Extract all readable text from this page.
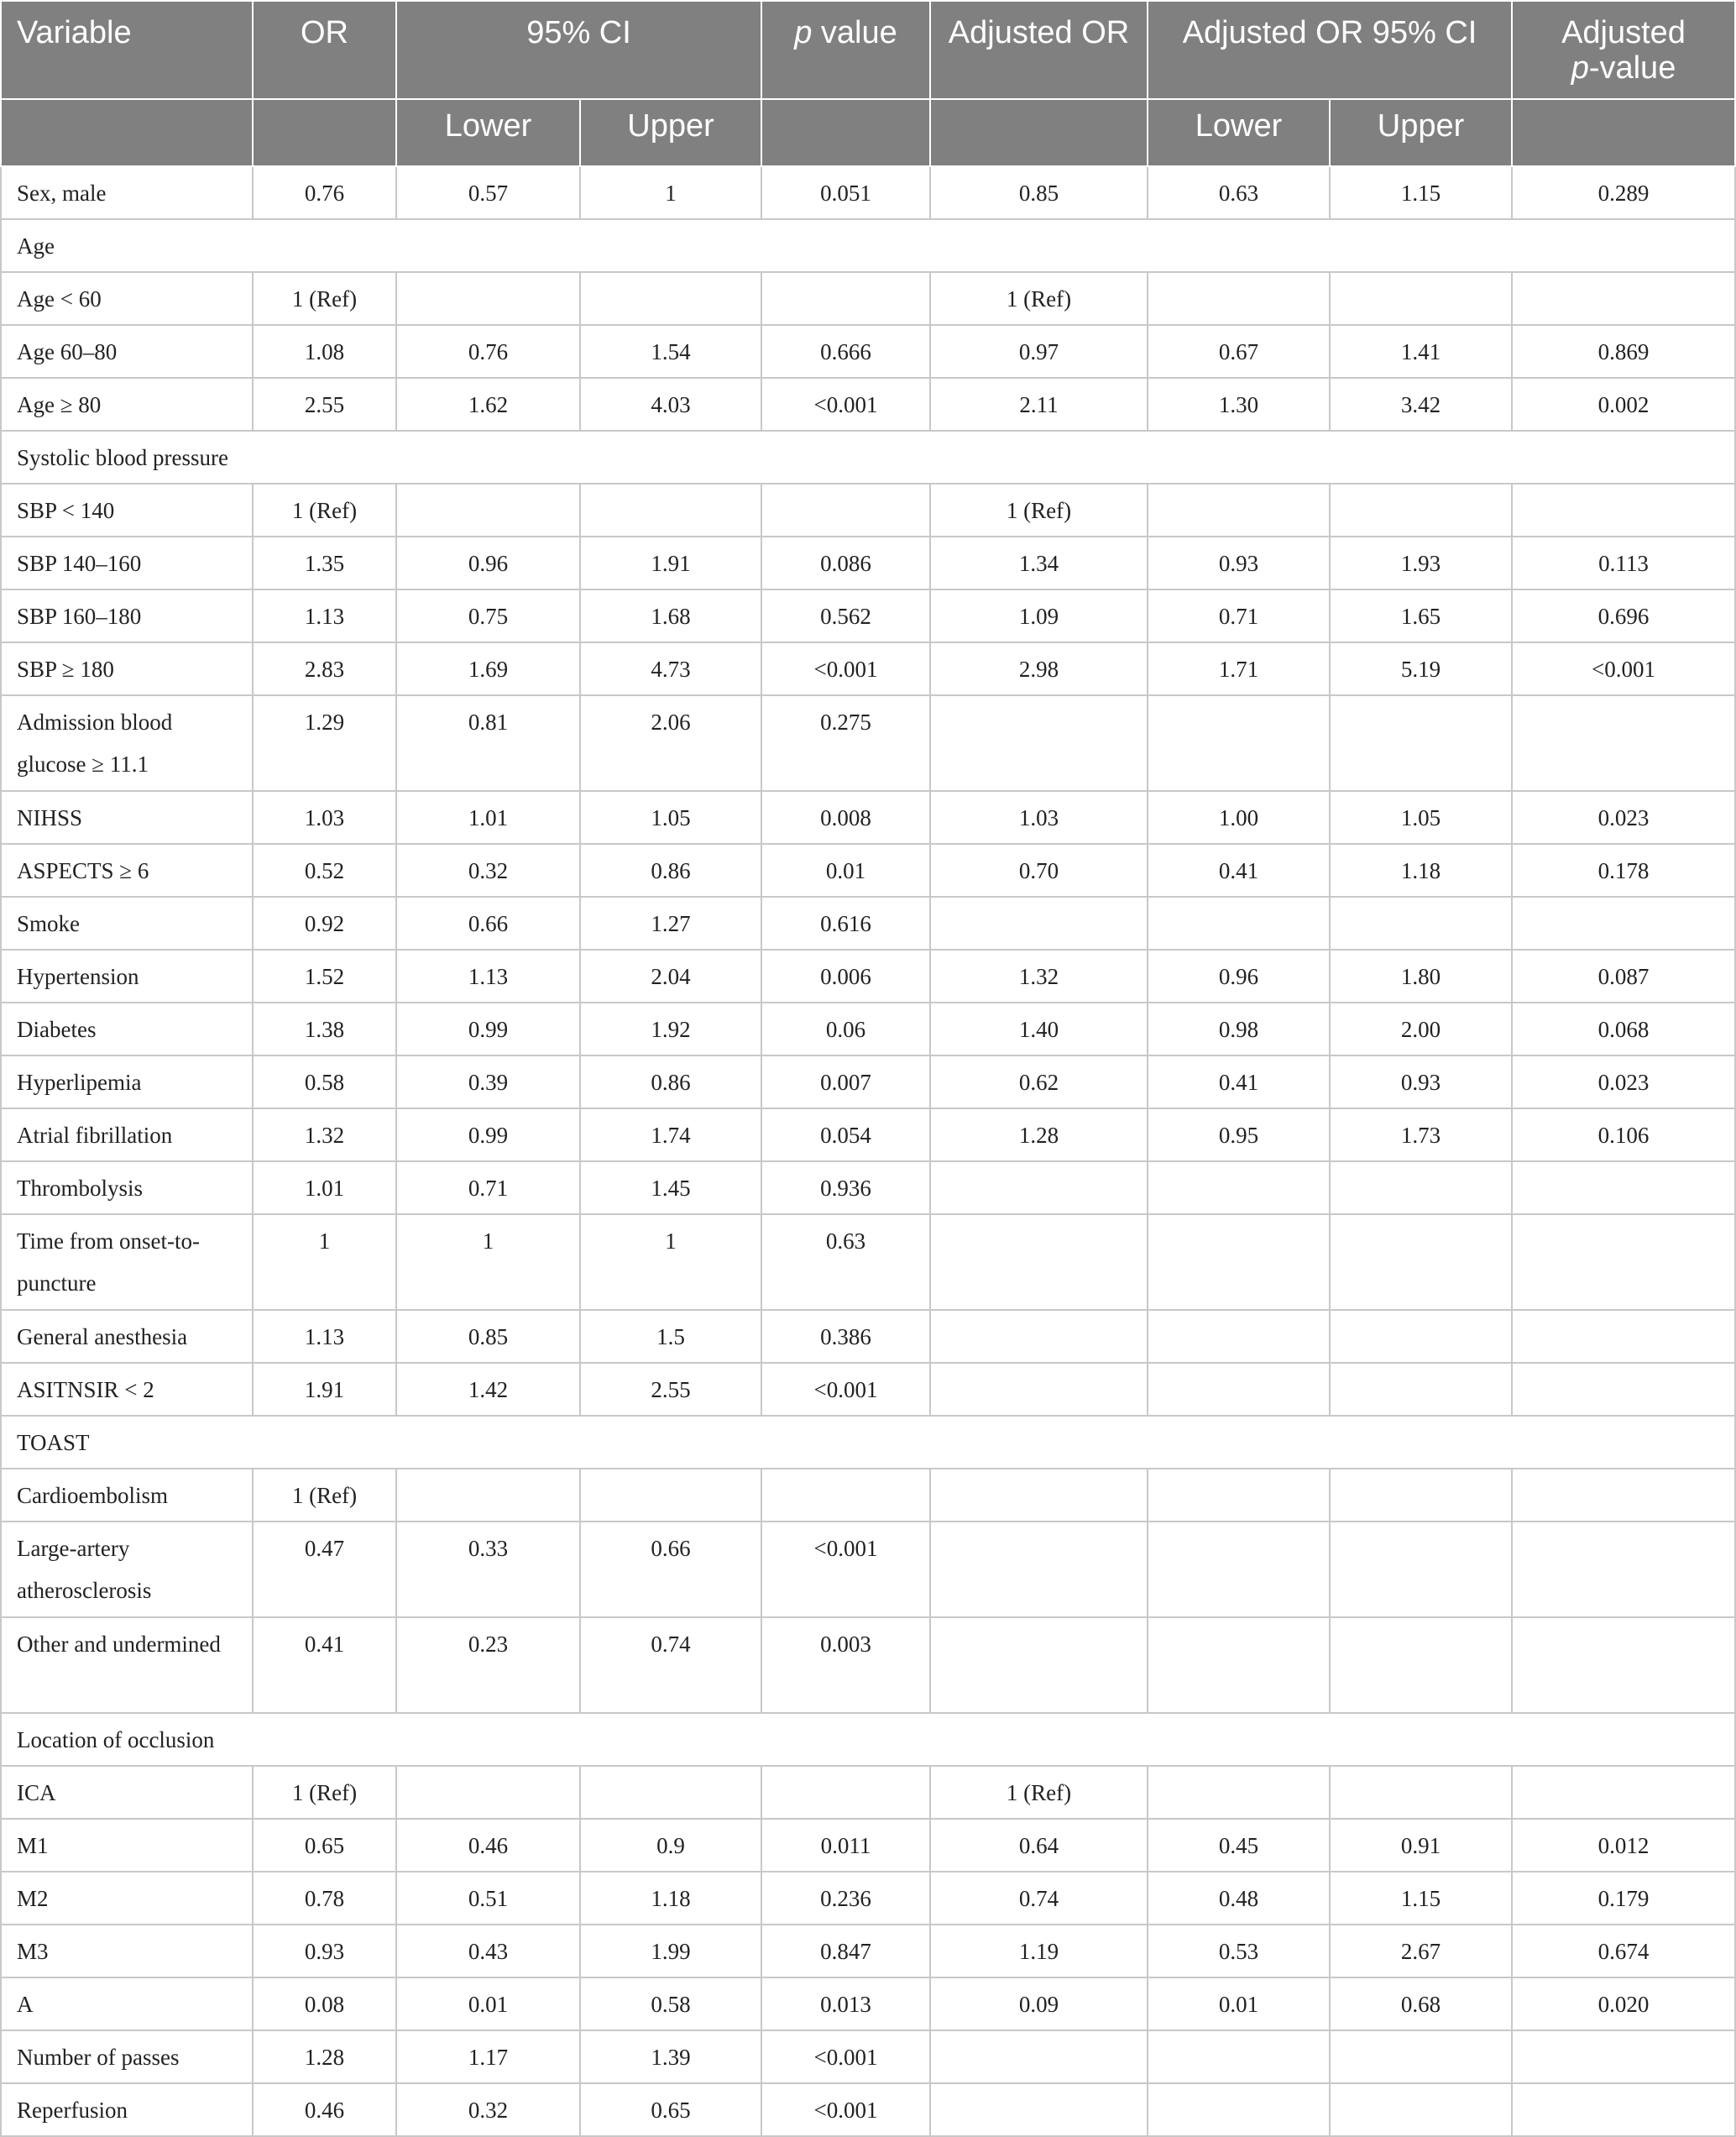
Variable	OR	95% CI		p value	Adjusted OR	Adjusted OR 95% CI		Adjusted
p-value
		Lower	Upper			Lower	Upper	
Sex, male	0.76	0.57	1	0.051	0.85	0.63	1.15	0.289
Age								
Age < 60	1 (Ref)				1 (Ref)			
Age 60–80	1.08	0.76	1.54	0.666	0.97	0.67	1.41	0.869
Age ≥ 80	2.55	1.62	4.03	<0.001	2.11	1.30	3.42	0.002
Systolic blood pressure								
SBP < 140	1 (Ref)				1 (Ref)			
SBP 140–160	1.35	0.96	1.91	0.086	1.34	0.93	1.93	0.113
SBP 160–180	1.13	0.75	1.68	0.562	1.09	0.71	1.65	0.696
SBP ≥ 180	2.83	1.69	4.73	<0.001	2.98	1.71	5.19	<0.001
Admission blood glucose ≥ 11.1	1.29	0.81	2.06	0.275				
NIHSS	1.03	1.01	1.05	0.008	1.03	1.00	1.05	0.023
ASPECTS ≥ 6	0.52	0.32	0.86	0.01	0.70	0.41	1.18	0.178
Smoke	0.92	0.66	1.27	0.616				
Hypertension	1.52	1.13	2.04	0.006	1.32	0.96	1.80	0.087
Diabetes	1.38	0.99	1.92	0.06	1.40	0.98	2.00	0.068
Hyperlipemia	0.58	0.39	0.86	0.007	0.62	0.41	0.93	0.023
Atrial fibrillation	1.32	0.99	1.74	0.054	1.28	0.95	1.73	0.106
Thrombolysis	1.01	0.71	1.45	0.936				
Time from onset-to-puncture	1	1	1	0.63				
General anesthesia	1.13	0.85	1.5	0.386				
ASITNSIR < 2	1.91	1.42	2.55	<0.001				
TOAST								
Cardioembolism	1 (Ref)							
Large-artery atherosclerosis	0.47	0.33	0.66	<0.001				
Other and undermined	0.41	0.23	0.74	0.003				
Location of occlusion								
ICA	1 (Ref)				1 (Ref)			
M1	0.65	0.46	0.9	0.011	0.64	0.45	0.91	0.012
M2	0.78	0.51	1.18	0.236	0.74	0.48	1.15	0.179
M3	0.93	0.43	1.99	0.847	1.19	0.53	2.67	0.674
A	0.08	0.01	0.58	0.013	0.09	0.01	0.68	0.020
Number of passes	1.28	1.17	1.39	<0.001				
Reperfusion	0.46	0.32	0.65	<0.001				
